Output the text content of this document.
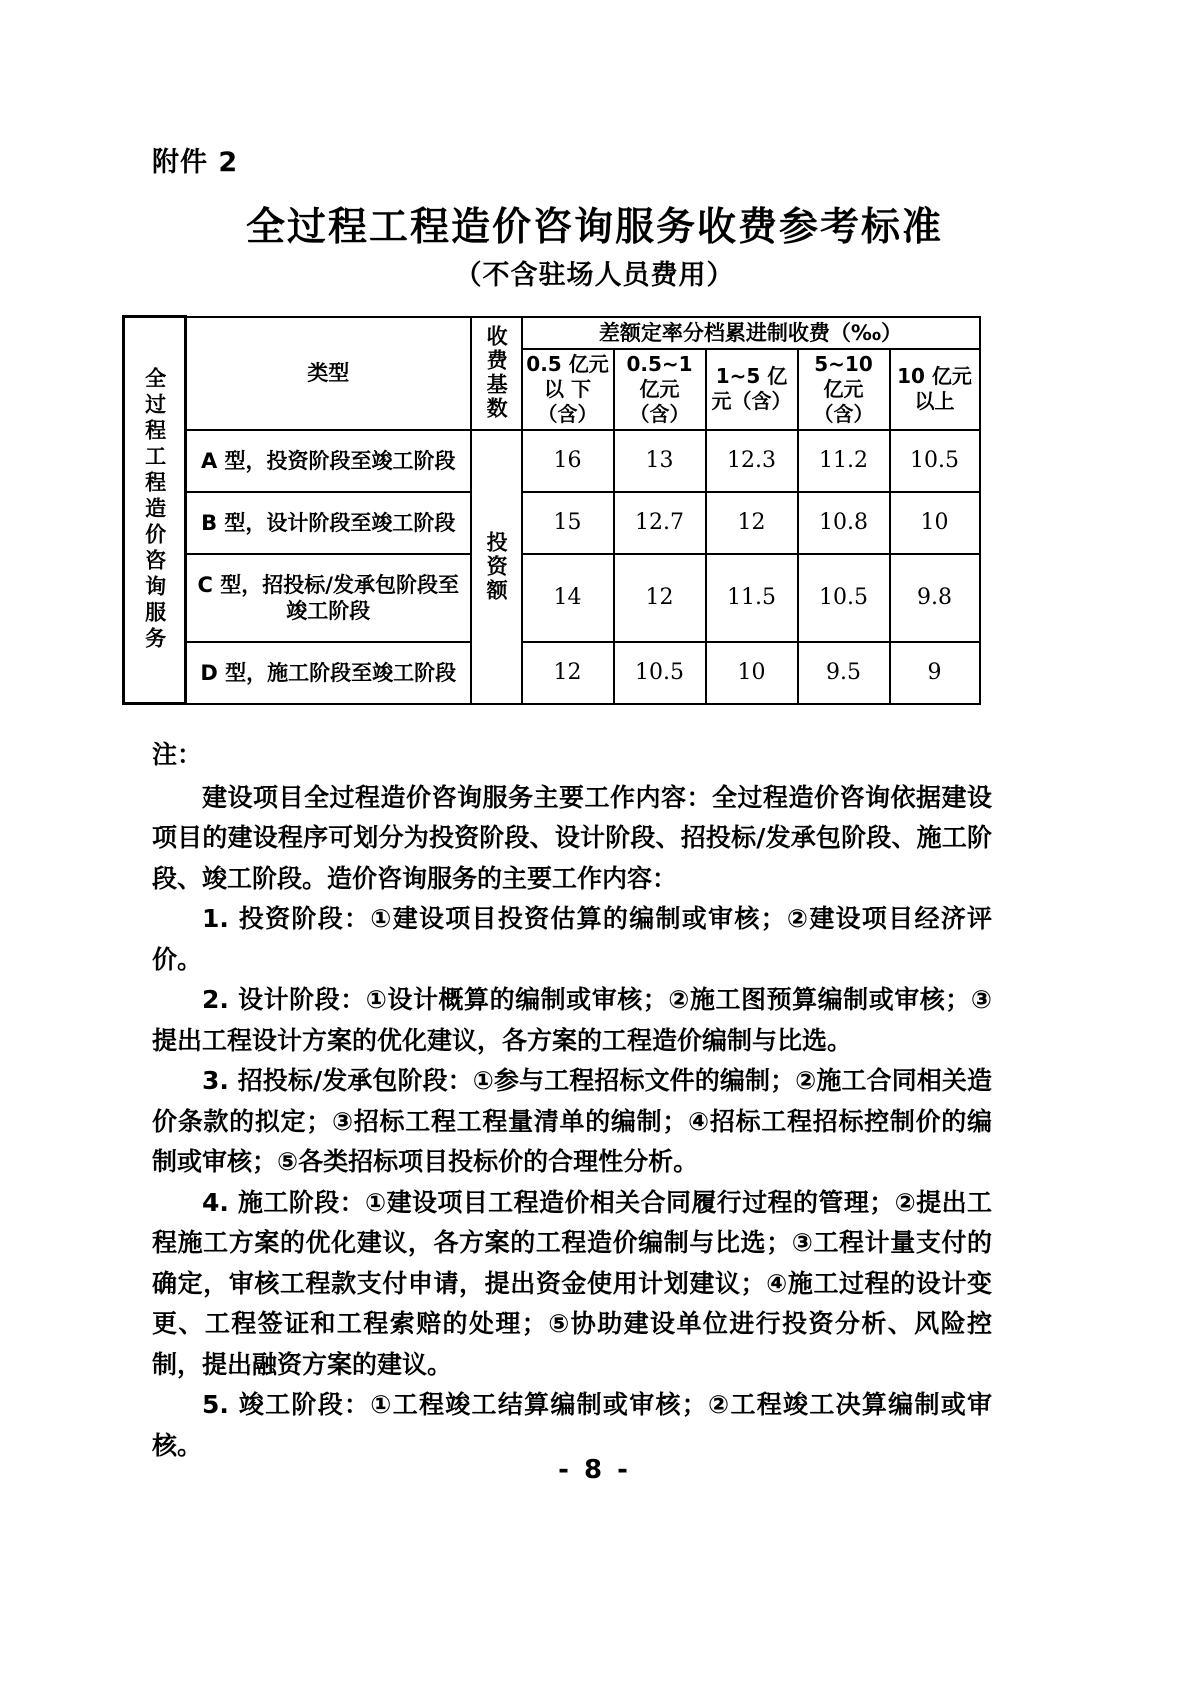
附件 2
全过程工程造价咨询服务收费参考标准
（不含驻场人员费用）
全过程工程造价咨询服务	类型	收费基数	差额定率分档累进制收费（‰）				
			0.5 亿元 以 下（含）	0.5~1 亿元（含）	1~5 亿元（含）	5~10 亿元（含）	10 亿元以上
	A 型，投资阶段至竣工阶段	投资额	16	13	12.3	11.2	10.5
	B 型，设计阶段至竣工阶段		15	12.7	12	10.8	10
	C 型，招投标/发承包阶段至竣工阶段		14	12	11.5	10.5	9.8
	D 型，施工阶段至竣工阶段		12	10.5	10	9.5	9

注：

建设项目全过程造价咨询服务主要工作内容：全过程造价咨询依据建设项目的建设程序可划分为投资阶段、设计阶段、招投标/发承包阶段、施工阶段、竣工阶段。造价咨询服务的主要工作内容：

1. 投资阶段：①建设项目投资估算的编制或审核；②建设项目经济评价。

2. 设计阶段：①设计概算的编制或审核；②施工图预算编制或审核；③提出工程设计方案的优化建议，各方案的工程造价编制与比选。

3. 招投标/发承包阶段：①参与工程招标文件的编制；②施工合同相关造价条款的拟定；③招标工程工程量清单的编制；④招标工程招标控制价的编制或审核；⑤各类招标项目投标价的合理性分析。

4. 施工阶段：①建设项目工程造价相关合同履行过程的管理；②提出工程施工方案的优化建议，各方案的工程造价编制与比选；③工程计量支付的确定，审核工程款支付申请，提出资金使用计划建议；④施工过程的设计变更、工程签证和工程索赔的处理；⑤协助建设单位进行投资分析、风险控制，提出融资方案的建议。

5. 竣工阶段：①工程竣工结算编制或审核；②工程竣工决算编制或审核。

- 8 -
